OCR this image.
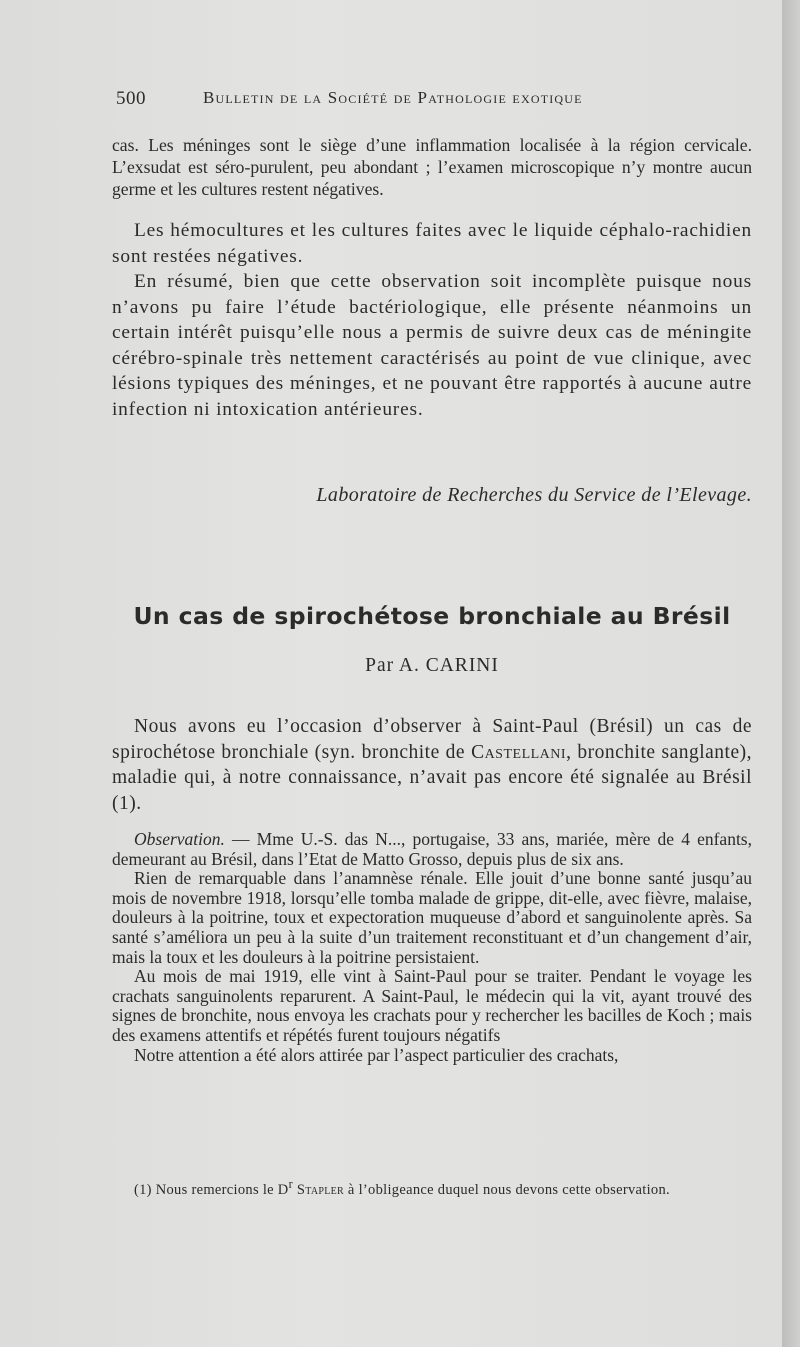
500	Bulletin de la Société de Pathologie exotique

cas. Les méninges sont le siège d’une inflammation localisée à la région cervicale. L’exsudat est séro-purulent, peu abondant ; l’examen microscopique n’y montre aucun germe et les cultures restent négatives.

Les hémocultures et les cultures faites avec le liquide céphalo-rachidien sont restées négatives.

En résumé, bien que cette observation soit incomplète puisque nous n’avons pu faire l’étude bactériologique, elle présente néanmoins un certain intérêt puisqu’elle nous a permis de suivre deux cas de méningite cérébro-spinale très nettement caractérisés au point de vue clinique, avec lésions typiques des méninges, et ne pouvant être rapportés à aucune autre infection ni intoxication antérieures.

Laboratoire de Recherches du Service de l’Elevage.
Un cas de spirochétose bronchiale au Brésil
Par A. CARINI

Nous avons eu l’occasion d’observer à Saint-Paul (Brésil) un cas de spirochétose bronchiale (syn. bronchite de Castellani, bronchite sanglante), maladie qui, à notre connaissance, n’avait pas encore été signalée au Brésil (1).

Observation. — Mme U.-S. das N..., portugaise, 33 ans, mariée, mère de 4 enfants, demeurant au Brésil, dans l’Etat de Matto Grosso, depuis plus de six ans.

Rien de remarquable dans l’anamnèse rénale. Elle jouit d’une bonne santé jusqu’au mois de novembre 1918, lorsqu’elle tomba malade de grippe, dit-elle, avec fièvre, malaise, douleurs à la poitrine, toux et expectoration muqueuse d’abord et sanguinolente après. Sa santé s’améliora un peu à la suite d’un traitement reconstituant et d’un changement d’air, mais la toux et les douleurs à la poitrine persistaient.

Au mois de mai 1919, elle vint à Saint-Paul pour se traiter. Pendant le voyage les crachats sanguinolents reparurent. A Saint-Paul, le médecin qui la vit, ayant trouvé des signes de bronchite, nous envoya les crachats pour y rechercher les bacilles de Koch ; mais des examens attentifs et répétés furent toujours négatifs

Notre attention a été alors attirée par l’aspect particulier des crachats,

(1) Nous remercions le $D^r$ Stapler à l’obligeance duquel nous devons cette observation.
